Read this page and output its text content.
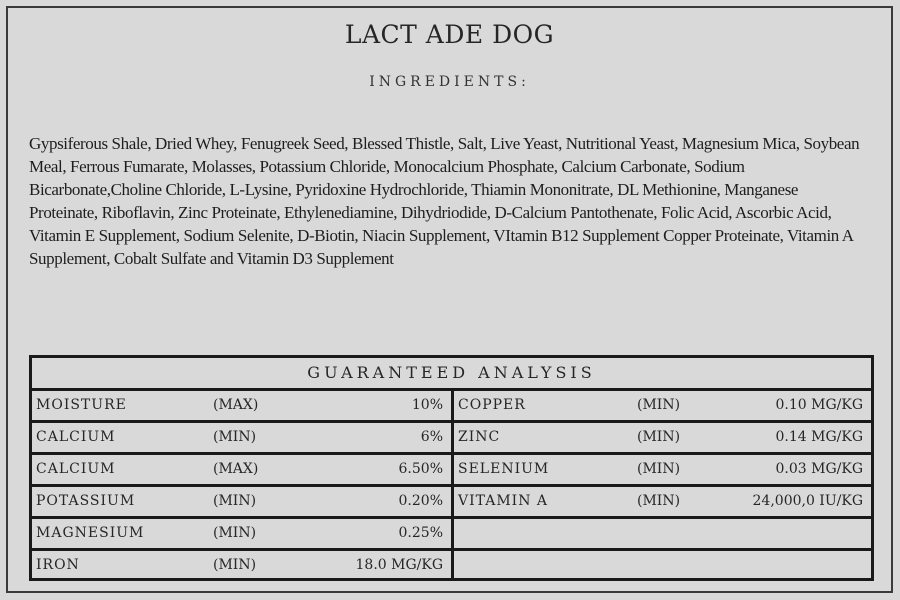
LACT ADE DOG
INGREDIENTS:
Gypsiferous Shale, Dried Whey, Fenugreek Seed, Blessed Thistle, Salt, Live Yeast, Nutritional Yeast, Magnesium Mica, Soybean Meal, Ferrous Fumarate, Molasses, Potassium Chloride, Monocalcium Phosphate, Calcium Carbonate, Sodium Bicarbonate,Choline Chloride, L-Lysine, Pyridoxine Hydrochloride, Thiamin Mononitrate, DL Methionine, Manganese Proteinate, Riboflavin, Zinc Proteinate, Ethylenediamine, Dihydriodide, D-Calcium Pantothenate, Folic Acid, Ascorbic Acid, Vitamin E Supplement, Sodium Selenite, D-Biotin, Niacin Supplement, VItamin B12 Supplement Copper Proteinate, Vitamin A Supplement, Cobalt Sulfate and Vitamin D3 Supplement
GUARANTEED ANALYSIS
MOISTURE	(MAX)	10%
CALCIUM	(MIN)	6%
CALCIUM	(MAX)	6.50%
POTASSIUM	(MIN)	0.20%
MAGNESIUM	(MIN)	0.25%
IRON	(MIN)	18.0 MG/KG
COPPER	(MIN)	0.10 MG/KG
ZINC	(MIN)	0.14 MG/KG
SELENIUM	(MIN)	0.03 MG/KG
VITAMIN A	(MIN)	24,000,0 IU/KG
